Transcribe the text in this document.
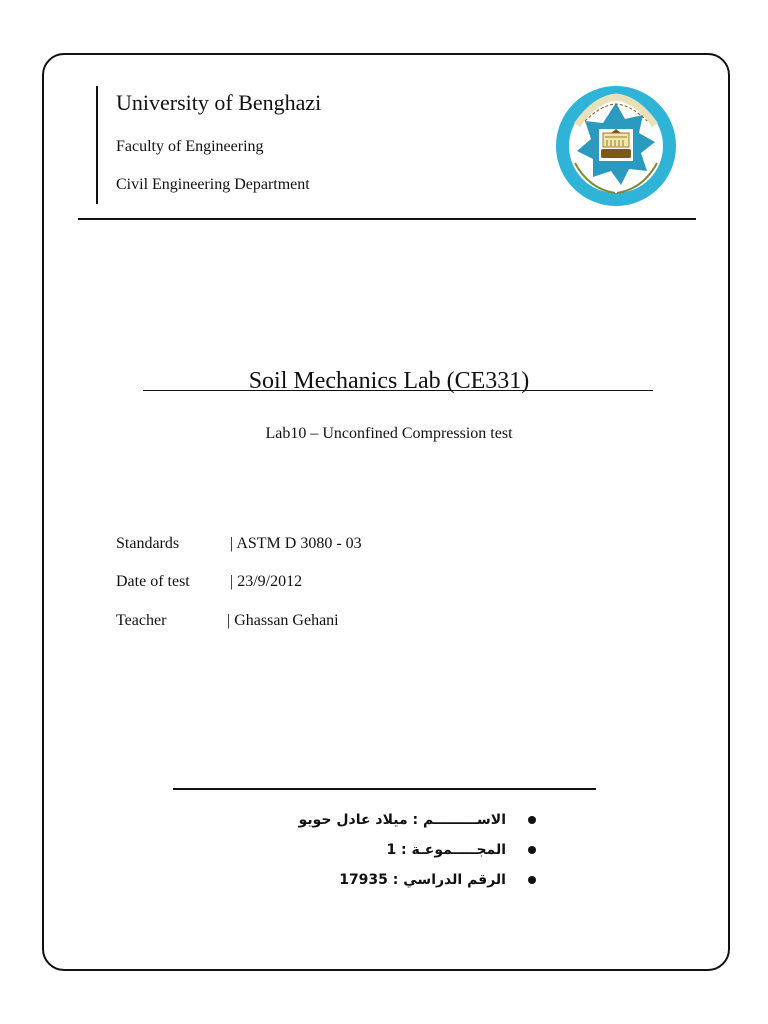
University of Benghazi
Faculty of Engineering
Civil Engineering Department
Soil Mechanics Lab (CE331)
Lab10 – Unconfined Compression test
Standards	| ASTM D 3080 - 03
Date of test	| 23/9/2012
Teacher	| Ghassan Gehani
الاســـــــــم : ميلاد عادل حويو
المجـــــموعـة : 1
الرقم الدراسي : 17935
